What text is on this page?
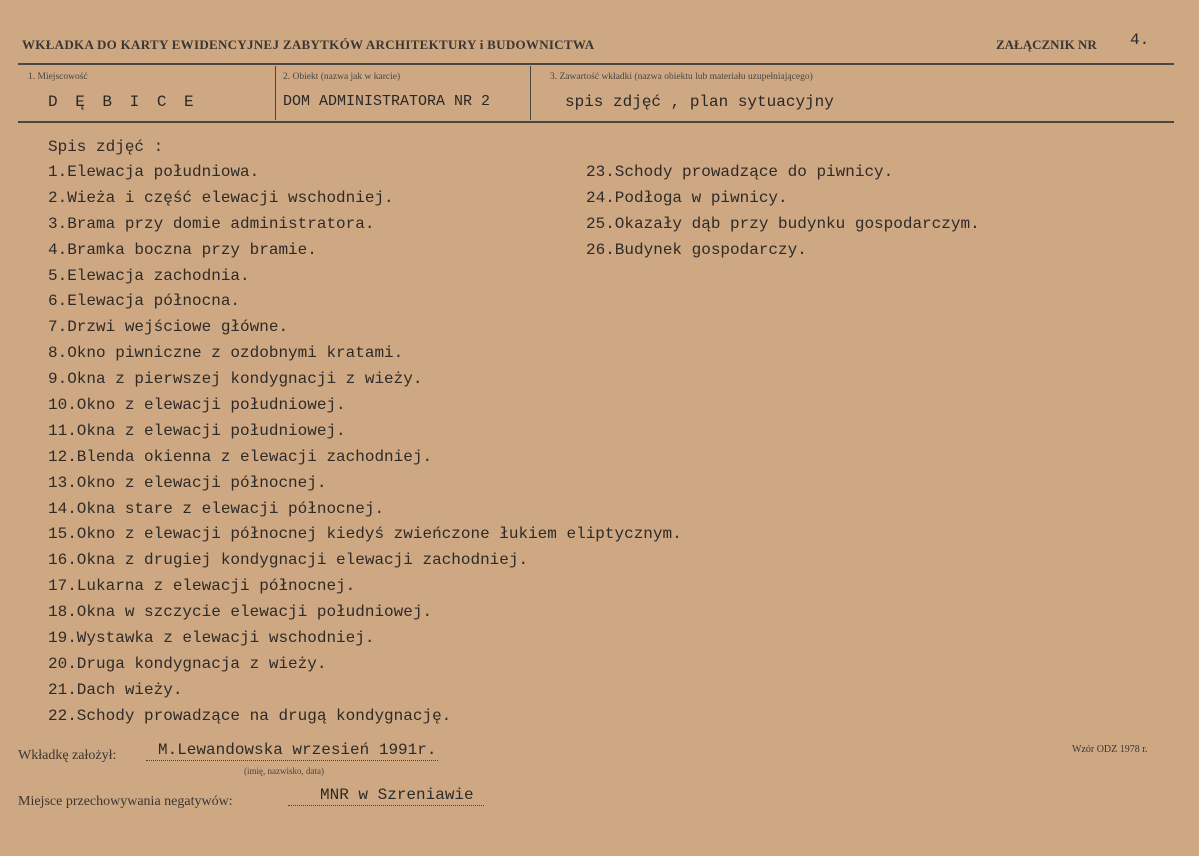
WKŁADKA DO KARTY EWIDENCYJNEJ ZABYTKÓW ARCHITEKTURY i BUDOWNICTWA	ZAŁĄCZNIK NR 4.
1. Miejscowość
D Ę B I C E
2. Obiekt (nazwa jak w karcie)
DOM ADMINISTRATORA NR 2
3. Zawartość wkładki (nazwa obiektu lub materiału uzupełniającego)
spis zdjęć , plan sytuacyjny
Spis zdjęć :
1.Elewacja południowa.
2.Wieża i część elewacji wschodniej.
3.Brama przy domie administratora.
4.Bramka boczna przy bramie.
5.Elewacja zachodnia.
6.Elewacja północna.
7.Drzwi wejściowe główne.
8.Okno piwniczne z ozdobnymi kratami.
9.Okna z pierwszej kondygnacji z wieży.
10.Okno z elewacji południowej.
11.Okna z elewacji południowej.
12.Blenda okienna z elewacji zachodniej.
13.Okno z elewacji północnej.
14.Okna stare z elewacji północnej.
15.Okno z elewacji północnej kiedyś zwieńczone łukiem eliptycznym.
16.Okna z drugiej kondygnacji elewacji zachodniej.
17.Lukarna z elewacji północnej.
18.Okna w szczycie elewacji południowej.
19.Wystawka z elewacji wschodniej.
20.Druga kondygnacja z wieży.
21.Dach wieży.
22.Schody prowadzące na drugą kondygnację.
23.Schody prowadzące do piwnicy.
24.Podłoga w piwnicy.
25.Okazały dąb przy budynku gospodarczym.
26.Budynek gospodarczy.
Wkładkę założył:	M.Lewandowska wrzesień 1991r.
(imię, nazwisko, data)
Miejsce przechowywania negatywów:	MNR w Szreniawie
Wzór ODZ 1978 r.
